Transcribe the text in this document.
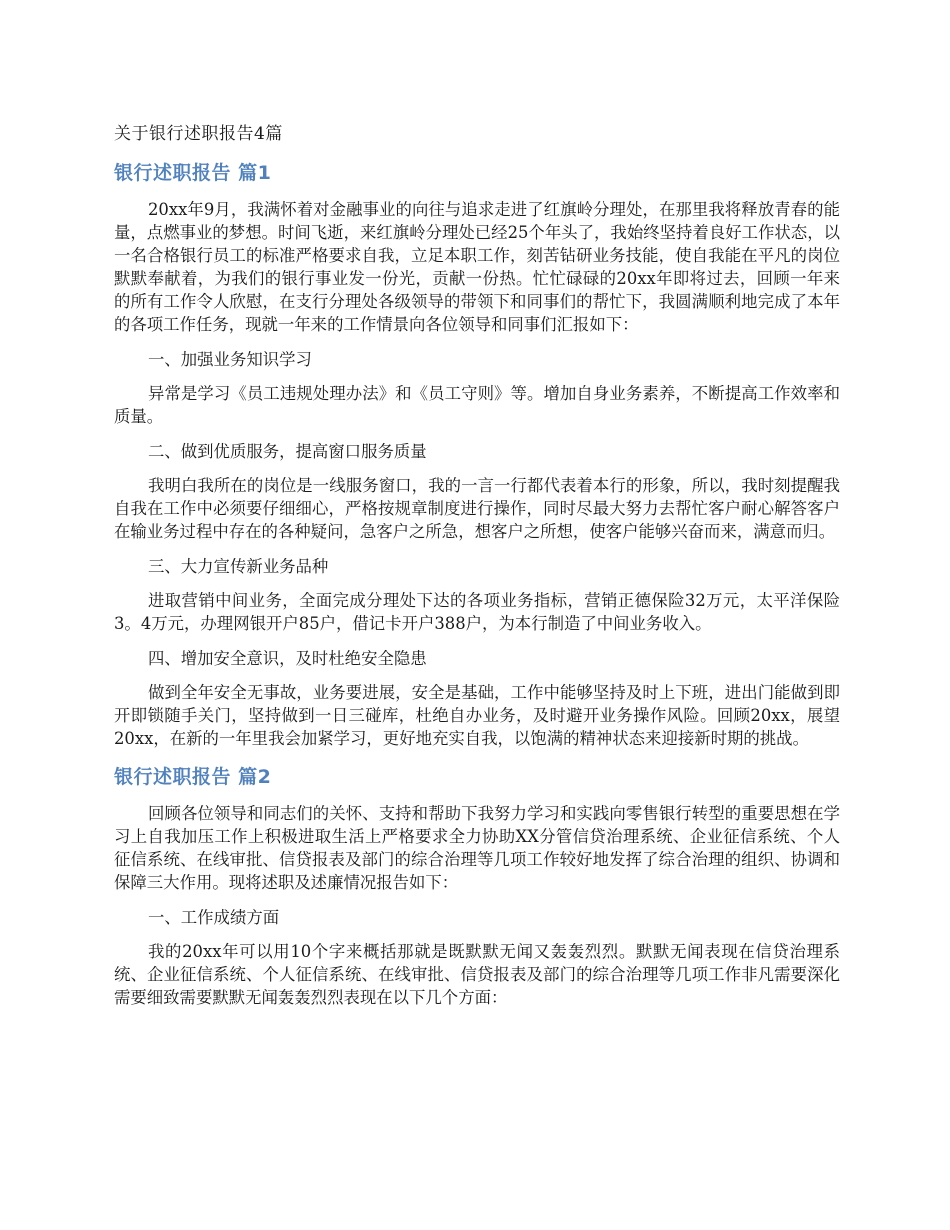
关于银行述职报告4篇
银行述职报告 篇1

20xx年9月，我满怀着对金融事业的向往与追求走进了红旗岭分理处，在那里我将释放青春的能量，点燃事业的梦想。时间飞逝，来红旗岭分理处已经25个年头了，我始终坚持着良好工作状态，以一名合格银行员工的标准严格要求自我，立足本职工作，刻苦钻研业务技能，使自我能在平凡的岗位默默奉献着，为我们的银行事业发一份光，贡献一份热。忙忙碌碌的20xx年即将过去，回顾一年来的所有工作令人欣慰，在支行分理处各级领导的带领下和同事们的帮忙下，我圆满顺利地完成了本年的各项工作任务，现就一年来的工作情景向各位领导和同事们汇报如下：

一、加强业务知识学习

异常是学习《员工违规处理办法》和《员工守则》等。增加自身业务素养，不断提高工作效率和质量。

二、做到优质服务，提高窗口服务质量

我明白我所在的岗位是一线服务窗口，我的一言一行都代表着本行的形象，所以，我时刻提醒我自我在工作中必须要仔细细心，严格按规章制度进行操作，同时尽最大努力去帮忙客户耐心解答客户在输业务过程中存在的各种疑问，急客户之所急，想客户之所想，使客户能够兴奋而来，满意而归。

三、大力宣传新业务品种

进取营销中间业务，全面完成分理处下达的各项业务指标，营销正德保险32万元，太平洋保险3。4万元，办理网银开户85户，借记卡开户388户，为本行制造了中间业务收入。

四、增加安全意识，及时杜绝安全隐患

做到全年安全无事故，业务要进展，安全是基础，工作中能够坚持及时上下班，进出门能做到即开即锁随手关门，坚持做到一日三碰库，杜绝自办业务，及时避开业务操作风险。回顾20xx，展望20xx，在新的一年里我会加紧学习，更好地充实自我，以饱满的精神状态来迎接新时期的挑战。

银行述职报告 篇2

回顾各位领导和同志们的关怀、支持和帮助下我努力学习和实践向零售银行转型的重要思想在学习上自我加压工作上积极进取生活上严格要求全力协助XX分管信贷治理系统、企业征信系统、个人征信系统、在线审批、信贷报表及部门的综合治理等几项工作较好地发挥了综合治理的组织、协调和保障三大作用。现将述职及述廉情况报告如下：

一、工作成绩方面

我的20xx年可以用10个字来概括那就是既默默无闻又轰轰烈烈。默默无闻表现在信贷治理系统、企业征信系统、个人征信系统、在线审批、信贷报表及部门的综合治理等几项工作非凡需要深化需要细致需要默默无闻轰轰烈烈表现在以下几个方面：
